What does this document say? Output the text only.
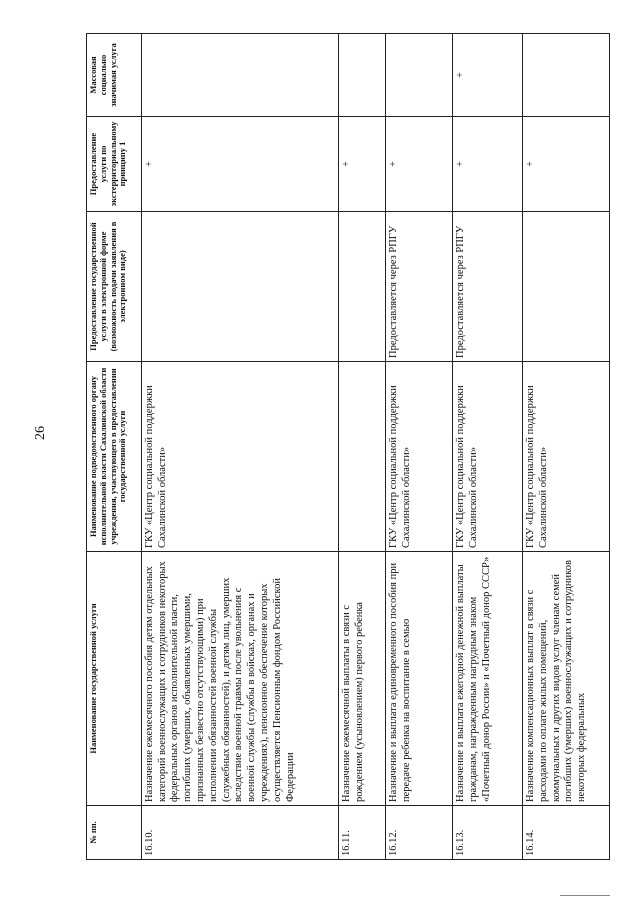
26
№ пп.	Наименование государственной услуги	Наименование подведомственного органу исполнительной власти Сахалинской области учреждения, участвующего в предоставлении государственной услуги	Предоставление государственной услуги в электронной форме (возможность подачи заявления в электронном виде)	Предоставление услуги по экстерриториальному принципу 1	Массовая социально значимая услуга
16.10.	Назначение ежемесячного пособия детям отдельных категорий военнослужащих и сотрудников некоторых федеральных органов исполнительной власти, погибших (умерших, объявленных умершими, признанных безвестно отсутствующими) при исполнении обязанностей военной службы (служебных обязанностей), и детям лиц, умерших вследствие военной травмы после увольнения с военной службы (службы в войсках, органах и учреждениях), пенсионное обеспечение которых осуществляется Пенсионным фондом Российской Федерации	ГКУ «Центр социальной поддержки Сахалинской области»		+	
16.11.	Назначение ежемесячной выплаты в связи с рождением (усыновлением) первого ребенка			+	
16.12.	Назначение и выплата единовременного пособия при передаче ребенка на воспитание в семью	ГКУ «Центр социальной поддержки Сахалинской области»	Предоставляется через РПГУ	+	
16.13.	Назначение и выплата ежегодной денежной выплаты гражданам, награжденным нагрудным знаком «Почетный донор России» и «Почетный донор СССР»	ГКУ «Центр социальной поддержки Сахалинской области»	Предоставляется через РПГУ	+	+
16.14.	Назначение компенсационных выплат в связи с расходами по оплате жилых помещений, коммунальных и других видов услуг членам семей погибших (умерших) военнослужащих и сотрудников некоторых федеральных	ГКУ «Центр социальной поддержки Сахалинской области»		+	
